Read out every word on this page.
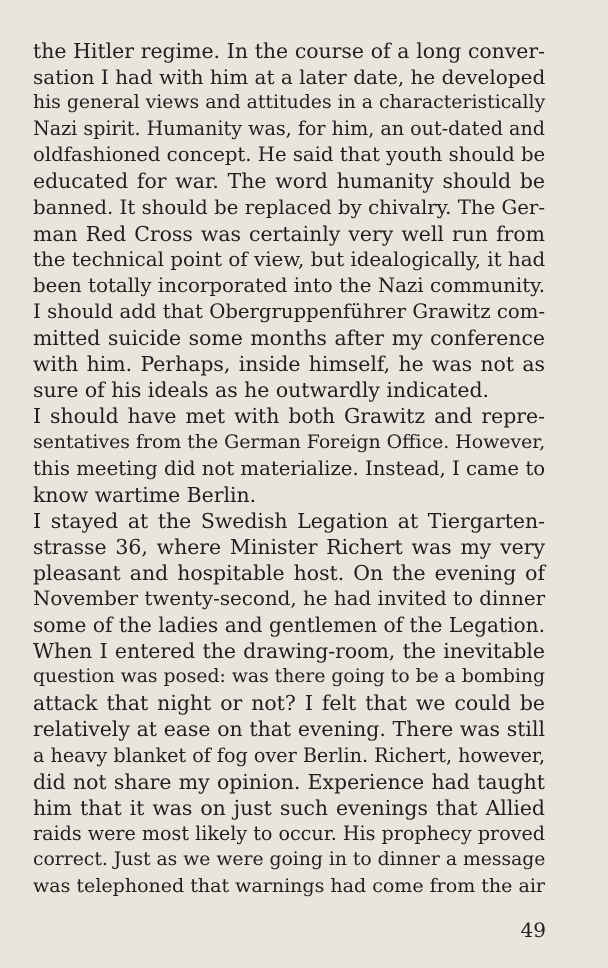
the Hitler regime. In the course of a long conver-
sation I had with him at a later date, he developed
his general views and attitudes in a characteristically
Nazi spirit. Humanity was, for him, an out-dated and
oldfashioned concept. He said that youth should be
educated for war. The word humanity should be
banned. It should be replaced by chivalry. The Ger-
man Red Cross was certainly very well run from
the technical point of view, but idealogically, it had
been totally incorporated into the Nazi community.
I should add that Obergruppenführer Grawitz com-
mitted suicide some months after my conference
with him. Perhaps, inside himself, he was not as
sure of his ideals as he outwardly indicated.
I should have met with both Grawitz and repre-
sentatives from the German Foreign Office. However,
this meeting did not materialize. Instead, I came to
know wartime Berlin.
I stayed at the Swedish Legation at Tiergarten-
strasse 36, where Minister Richert was my very
pleasant and hospitable host. On the evening of
November twenty-second, he had invited to dinner
some of the ladies and gentlemen of the Legation.
When I entered the drawing-room, the inevitable
question was posed: was there going to be a bombing
attack that night or not? I felt that we could be
relatively at ease on that evening. There was still
a heavy blanket of fog over Berlin. Richert, however,
did not share my opinion. Experience had taught
him that it was on just such evenings that Allied
raids were most likely to occur. His prophecy proved
correct. Just as we were going in to dinner a message
was telephoned that warnings had come from the air
49
